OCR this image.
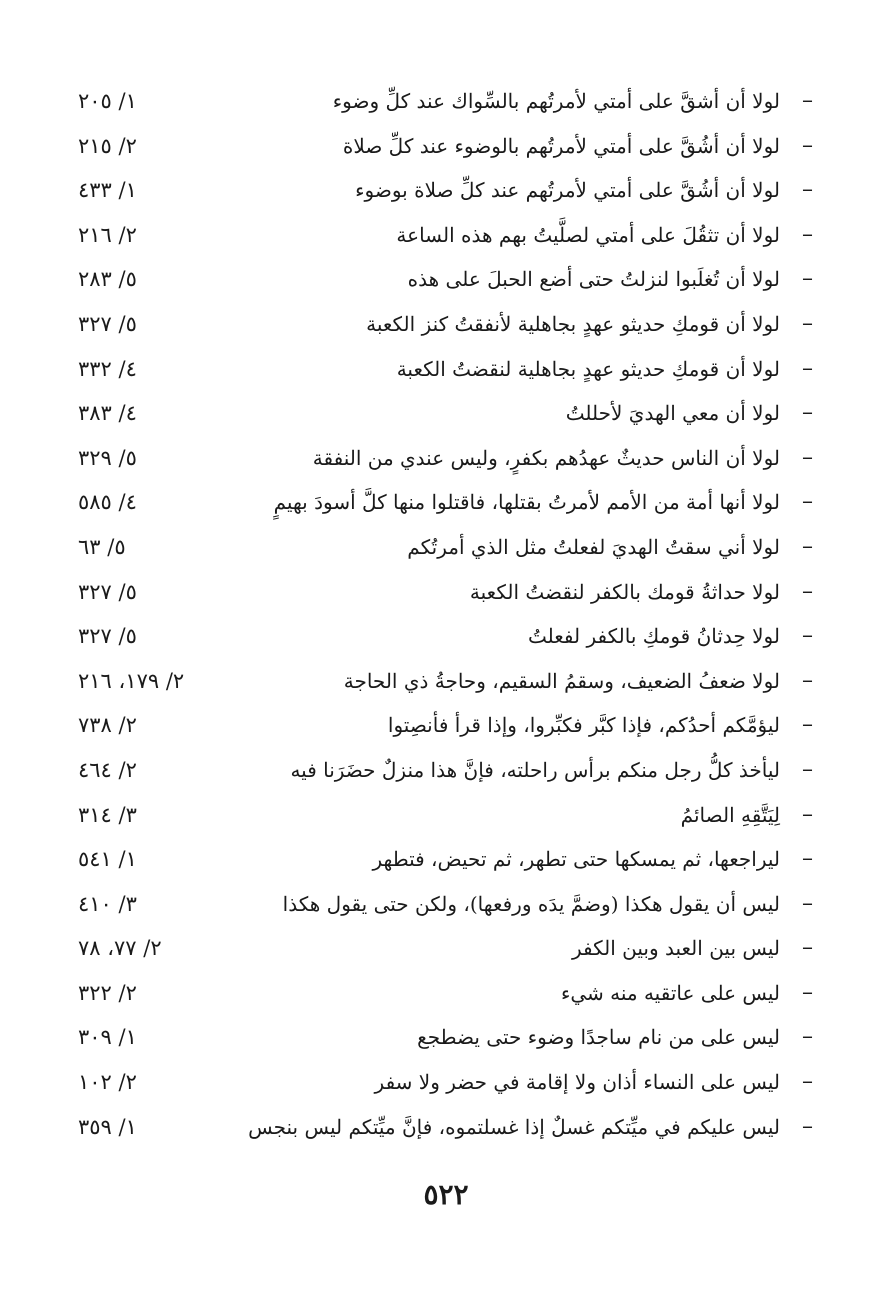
–
لولا أن أشقَّ على أمتي لأمرتُهم بالسِّواك عند كلِّ وضوء
١/ ٢٠٥
–
لولا أن أشُقَّ على أمتي لأمرتُهم بالوضوء عند كلِّ صلاة
٢/ ٢١٥
–
لولا أن أشُقَّ على أمتي لأمرتُهم عند كلِّ صلاة بوضوء
١/ ٤٣٣
–
لولا أن تثقُلَ على أمتي لصلَّيتُ بهم هذه الساعة
٢/ ٢١٦
–
لولا أن تُغلَبوا لنزلتُ حتى أضع الحبلَ على هذه
٥/ ٢٨٣
–
لولا أن قومكِ حديثو عهدٍ بجاهلية لأنفقتُ كنز الكعبة
٥/ ٣٢٧
–
لولا أن قومكِ حديثو عهدٍ بجاهلية لنقضتُ الكعبة
٤/ ٣٣٢
–
لولا أن معي الهديَ لأحللتُ
٤/ ٣٨٣
–
لولا أن الناس حديثٌ عهدُهم بكفرٍ، وليس عندي من النفقة
٥/ ٣٢٩
–
لولا أنها أمة من الأمم لأمرتُ بقتلها، فاقتلوا منها كلَّ أسودَ بهيمٍ
٤/ ٥٨٥
–
لولا أني سقتُ الهديَ لفعلتُ مثل الذي أمرتُكم
٥/ ٦٣
–
لولا حداثةُ قومك بالكفر لنقضتُ الكعبة
٥/ ٣٢٧
–
لولا حِدثانُ قومكِ بالكفر لفعلتُ
٥/ ٣٢٧
–
لولا ضعفُ الضعيف، وسقمُ السقيم، وحاجةُ ذي الحاجة
٢/ ١٧٩، ٢١٦
–
ليؤمَّكم أحدُكم، فإذا كبَّر فكبِّروا، وإذا قرأ فأنصِتوا
٢/ ٧٣٨
–
ليأخذ كلُّ رجل منكم برأس راحلته، فإنَّ هذا منزلٌ حضَرَنا فيه
٢/ ٤٦٤
–
لِيَتَّقِهِ الصائمُ
٣/ ٣١٤
–
ليراجعها، ثم يمسكها حتى تطهر، ثم تحيض، فتطهر
١/ ٥٤١
–
ليس أن يقول هكذا (وضمَّ يدَه ورفعها)، ولكن حتى يقول هكذا
٣/ ٤١٠
–
ليس بين العبد وبين الكفر
٢/ ٧٧، ٧٨
–
ليس على عاتقيه منه شيء
٢/ ٣٢٢
–
ليس على من نام ساجدًا وضوء حتى يضطجع
١/ ٣٠٩
–
ليس على النساء أذان ولا إقامة في حضر ولا سفر
٢/ ١٠٢
–
ليس عليكم في ميِّتكم غسلٌ إذا غسلتموه، فإنَّ ميِّتكم ليس بنجس
١/ ٣٥٩
٥٢٢
